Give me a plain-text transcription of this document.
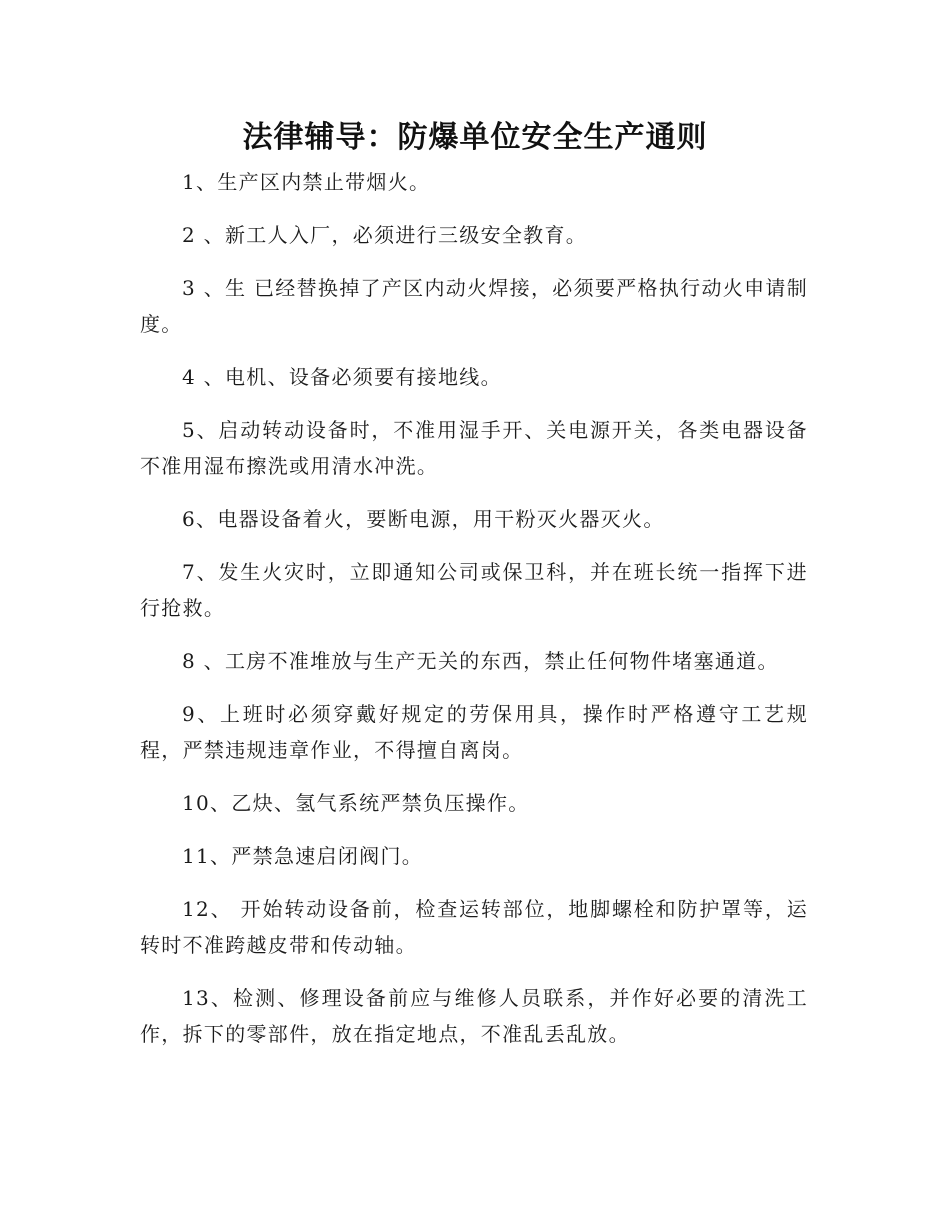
法律辅导：防爆单位安全生产通则

1、生产区内禁止带烟火。

2 、新工人入厂，必须进行三级安全教育。

3 、生 已经替换掉了产区内动火焊接，必须要严格执行动火申请制度。

4 、电机、设备必须要有接地线。

5、启动转动设备时，不准用湿手开、关电源开关，各类电器设备不准用湿布擦洗或用清水冲洗。

6、电器设备着火，要断电源，用干粉灭火器灭火。

7、发生火灾时，立即通知公司或保卫科，并在班长统一指挥下进行抢救。

8 、工房不准堆放与生产无关的东西，禁止任何物件堵塞通道。

9、上班时必须穿戴好规定的劳保用具，操作时严格遵守工艺规程，严禁违规违章作业，不得擅自离岗。

10、乙炔、氢气系统严禁负压操作。

11、严禁急速启闭阀门。

12、 开始转动设备前，检查运转部位，地脚螺栓和防护罩等，运转时不准跨越皮带和传动轴。

13、检测、修理设备前应与维修人员联系，并作好必要的清洗工作，拆下的零部件，放在指定地点，不准乱丢乱放。
